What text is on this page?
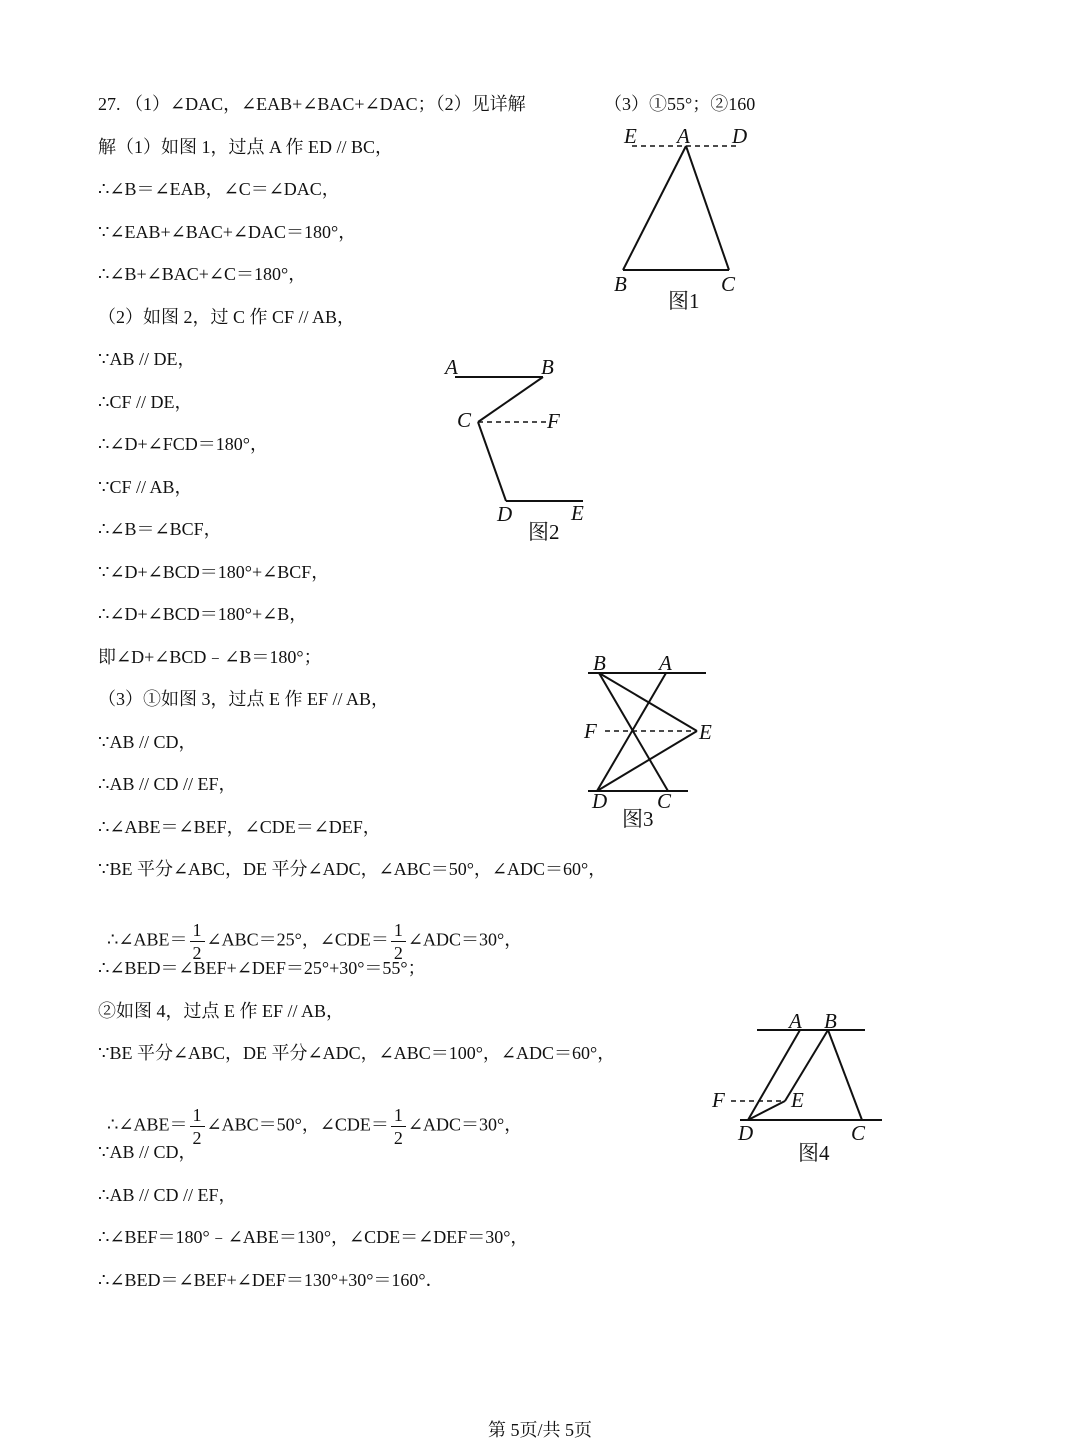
27. （1）∠DAC，∠EAB+∠BAC+∠DAC；（2）见详解	（3）①55°；②160
解（1）如图 1，过点 A 作 ED // BC，
∴∠B＝∠EAB，∠C＝∠DAC，
∵∠EAB+∠BAC+∠DAC＝180°，
∴∠B+∠BAC+∠C＝180°，
（2）如图 2，过 C 作 CF // AB，
∵AB // DE，
∴CF // DE，
∴∠D+∠FCD＝180°，
∵CF // AB，
∴∠B＝∠BCF，
∵∠D+∠BCD＝180°+∠BCF，
∴∠D+∠BCD＝180°+∠B，
即∠D+∠BCD﹣∠B＝180°；
（3）①如图 3，过点 E 作 EF // AB，
∵AB // CD，
∴AB // CD // EF，
∴∠ABE＝∠BEF，∠CDE＝∠DEF，
∵BE 平分∠ABC，DE 平分∠ADC，∠ABC＝50°，∠ADC＝60°，

∴∠ABE＝ $\frac{1}{2}$ ∠ABC＝25°，∠CDE＝ $\frac{1}{2}$ ∠ADC＝30°，

∴∠BED＝∠BEF+∠DEF＝25°+30°＝55°；
②如图 4，过点 E 作 EF // AB，
∵BE 平分∠ABC，DE 平分∠ADC，∠ABC＝100°，∠ADC＝60°，

∴∠ABE＝ $\frac{1}{2}$ ∠ABC＝50°，∠CDE＝ $\frac{1}{2}$ ∠ADC＝30°，

∵AB // CD，
∴AB // CD // EF，
∴∠BEF＝180°﹣∠ABE＝130°，∠CDE＝∠DEF＝30°，
∴∠BED＝∠BEF+∠DEF＝130°+30°＝160°．
E A D
B	C
图1
A	B
C	F
D	E
图2
B	A
F	E
D C
图3
A B
F	E
D	C
图4
第 5页/共 5页
